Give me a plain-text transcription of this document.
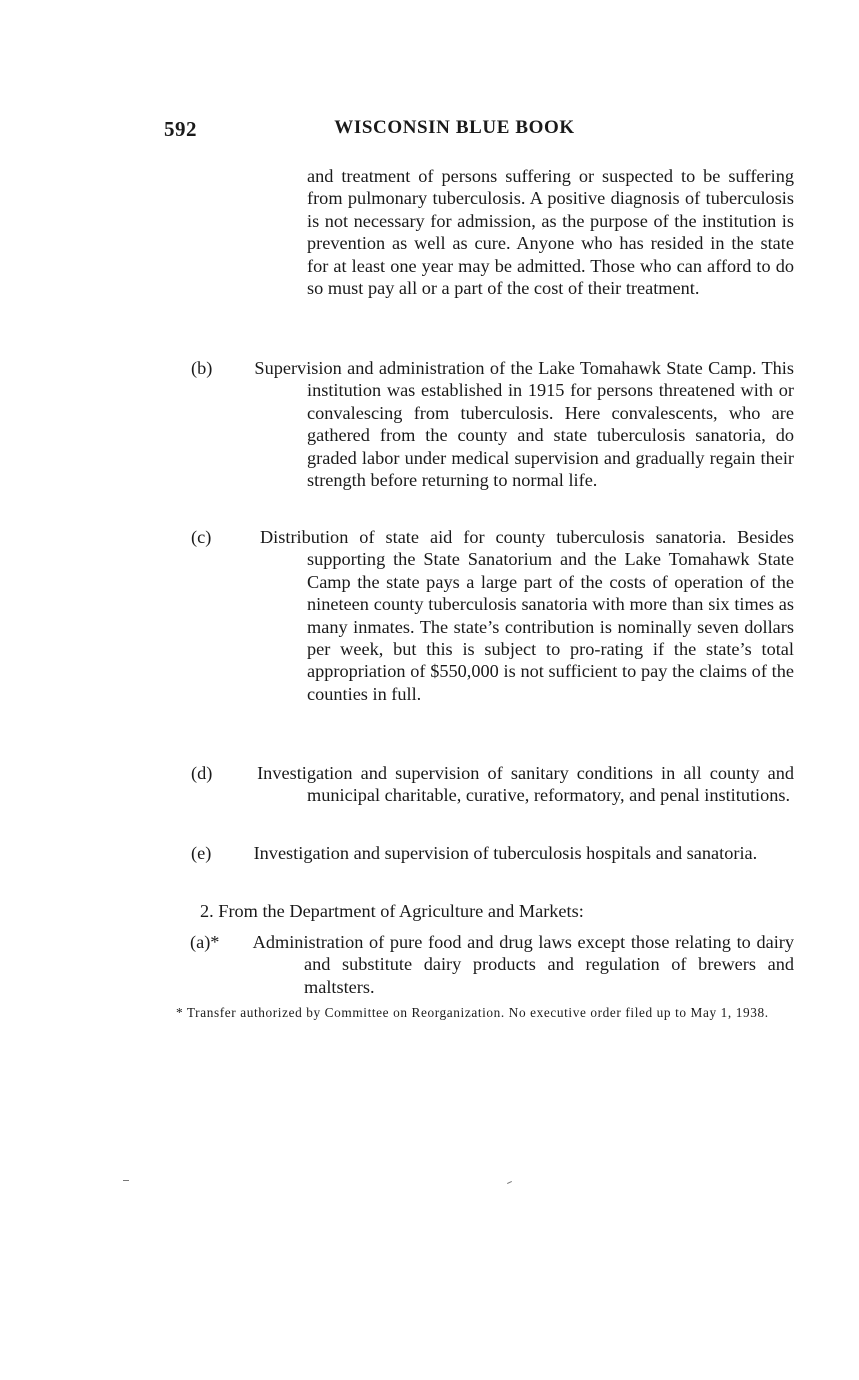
592	WISCONSIN BLUE BOOK
and treatment of persons suffering or suspected to be suffering from pulmonary tuberculosis. A positive diagnosis of tuberculosis is not necessary for admission, as the purpose of the institution is prevention as well as cure. Anyone who has resided in the state for at least one year may be admitted. Those who can afford to do so must pay all or a part of the cost of their treatment.
(b) Supervision and administration of the Lake Tomahawk State Camp. This institution was established in 1915 for persons threatened with or convalescing from tuberculosis. Here convalescents, who are gathered from the county and state tuberculosis sanatoria, do graded labor under medical supervision and gradually regain their strength before returning to normal life.
(c)	Distribution of state aid for county tuberculosis sanatoria. Besides supporting the State Sanatorium and the Lake Tomahawk State Camp the state pays a large part of the costs of operation of the nineteen county tuberculosis sanatoria with more than six times as many inmates. The state’s contribution is nominally seven dollars per week, but this is subject to pro-rating if the state’s total appropriation of $550,000 is not sufficient to pay the claims of the counties in full.
(d) Investigation and supervision of sanitary conditions in all county and municipal charitable, curative, reformatory, and penal institutions.
(e) Investigation and supervision of tuberculosis hospitals and sanatoria.
2. From the Department of Agriculture and Markets:
(a)* Administration of pure food and drug laws except those relating to dairy and substitute dairy products and regulation of brewers and maltsters.
* Transfer authorized by Committee on Reorganization. No executive order filed up to May 1, 1938.
